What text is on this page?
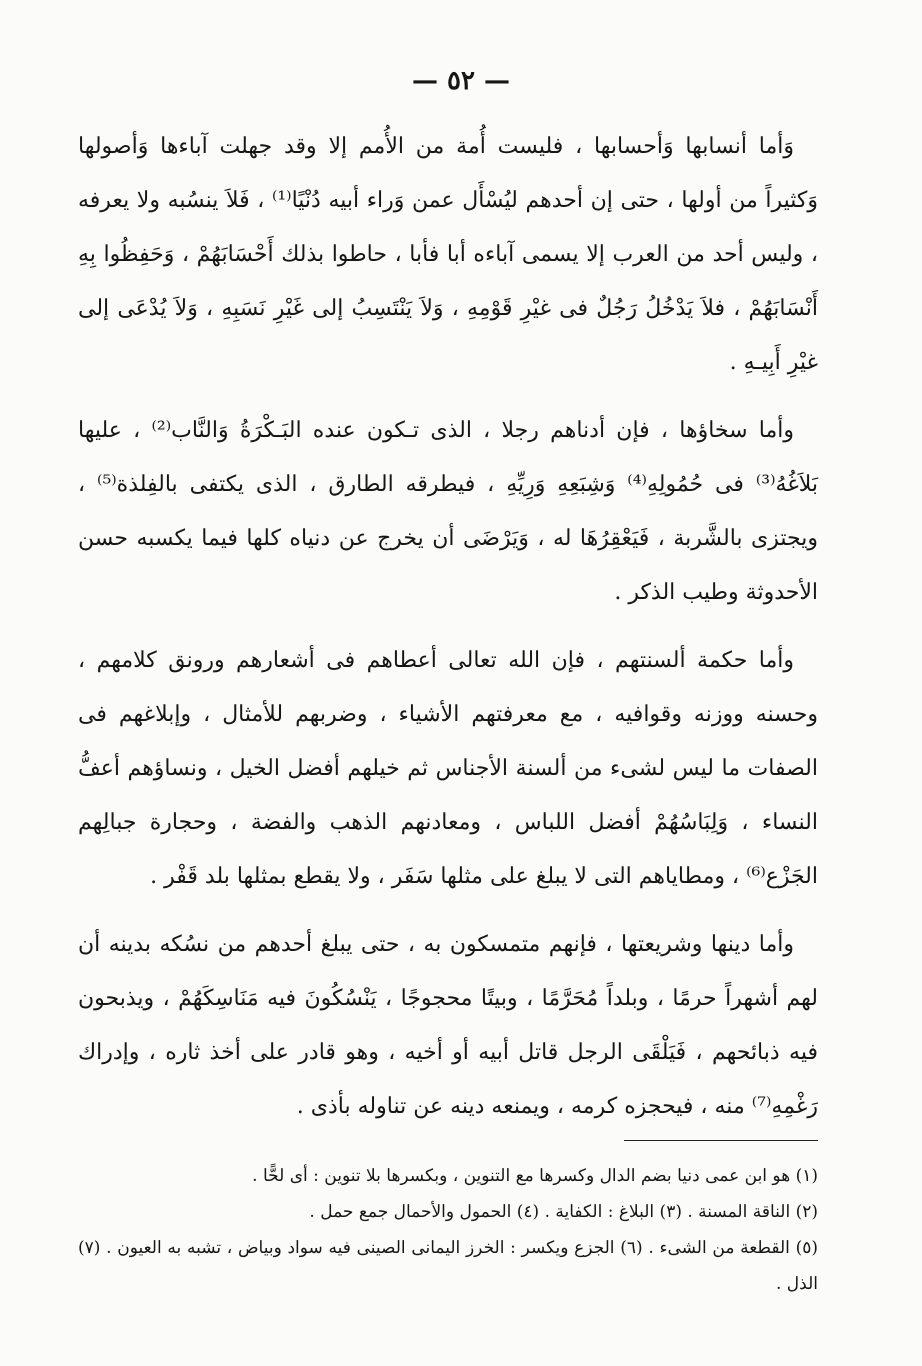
— ٥٢ —

وَأما أنسابها وَأحسابها ، فليست أُمة من الأُمم إلا وقد جهلت آباءها وَأصولها وَكثيراً من أولها ، حتى إن أحدهم ليُسْأَل عمن وَراء أبيه دُنْيًا⁽¹⁾ ، فَلاَ ينسُبه ولا يعرفه ، وليس أحد من العرب إلا يسمى آباءه أبا فأبا ، حاطوا بذلك أَحْسَابَهُمْ ، وَحَفِظُوا بِهِ أَنْسَابَهُمْ ، فلاَ يَدْخُلُ رَجُلٌ فى غيْرِ قَوْمِهِ ، وَلاَ يَنْتَسِبُ إلى غَيْرِ نَسَبِهِ ، وَلاَ يُدْعَى إلى غيْرِ أَبِيـهِ .

وأما سخاؤها ، فإن أدناهم رجلا ، الذى تـكون عنده البَـكْرَةُ وَالنَّاب⁽²⁾ ، عليها بَلاَغُهُ⁽³⁾ فى حُمُولِهِ⁽⁴⁾ وَشِبَعِهِ وَرِيِّهِ ، فيطرقه الطارق ، الذى يكتفى بالفِلذة⁽⁵⁾ ، ويجتزى بالشَّربة ، فَيَعْقِرُهَا له ، وَيَرْضَى أن يخرج عن دنياه كلها فيما يكسبه حسن الأحدوثة وطيب الذكر .

وأما حكمة ألسنتهم ، فإن الله تعالى أعطاهم فى أشعارهم ورونق كلامهم ، وحسنه ووزنه وقوافيه ، مع معرفتهم الأشياء ، وضربهم للأمثال ، وإبلاغهم فى الصفات ما ليس لشىء من ألسنة الأجناس ثم خيلهم أفضل الخيل ، ونساؤهم أعفُّ النساء ، وَلِبَاسُهُمْ أفضل اللباس ، ومعادنهم الذهب والفضة ، وحجارة جبالِهم الجَزْع⁽⁶⁾ ، ومطاياهم التى لا يبلغ على مثلها سَفَر ، ولا يقطع بمثلها بلد قَفْر .

وأما دينها وشريعتها ، فإنهم متمسكون به ، حتى يبلغ أحدهم من نسُكه بدينه أن لهم أشهراً حرمًا ، وبلداً مُحَرَّمًا ، وبيتًا محجوجًا ، يَنْسُكُونَ فيه مَنَاسِكَهُمْ ، ويذبحون فيه ذبائحهم ، فَيَلْقَى الرجل قاتل أبيه أو أخيه ، وهو قادر على أخذ ثاره ، وإدراك رَغْمِهِ⁽⁷⁾ منه ، فيحجزه كرمه ، ويمنعه دينه عن تناوله بأذى .

(١) هو ابن عمى دنيا بضم الدال وكسرها مع التنوين ، وبكسرها بلا تنوين : أى لحًّا .

(٢) الناقة المسنة . (٣) البلاغ : الكفاية . (٤) الحمول والأحمال جمع حمل .

(٥) القطعة من الشىء . (٦) الجزع ويكسر : الخرز اليمانى الصينى فيه سواد وبياض ، تشبه به العيون . (٧) الذل .
